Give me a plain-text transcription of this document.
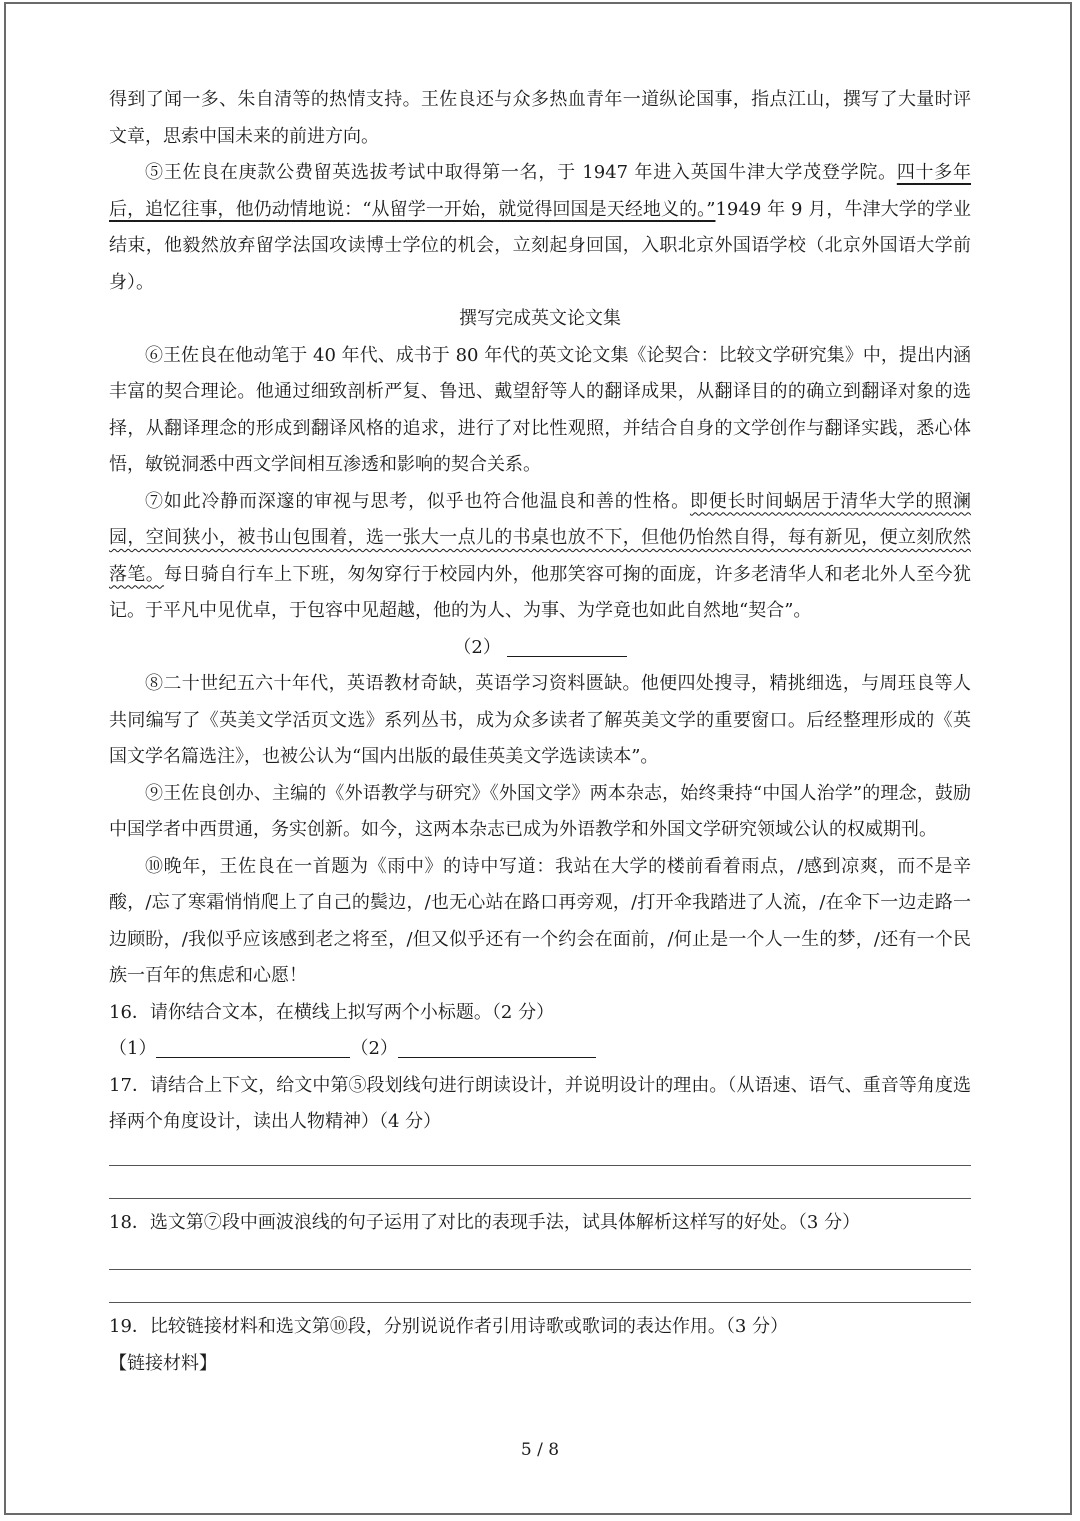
得到了闻一多、朱自清等的热情支持。王佐良还与众多热血青年一道纵论国事，指点江山，撰写了大量时评文章，思索中国未来的前进方向。

⑤王佐良在庚款公费留英选拔考试中取得第一名，于 1947 年进入英国牛津大学茂登学院。四十多年后，追忆往事，他仍动情地说：“从留学一开始，就觉得回国是天经地义的。”1949 年 9 月，牛津大学的学业结束，他毅然放弃留学法国攻读博士学位的机会，立刻起身回国，入职北京外国语学校（北京外国语大学前身）。

撰写完成英文论文集

⑥王佐良在他动笔于 40 年代、成书于 80 年代的英文论文集《论契合：比较文学研究集》中，提出内涵丰富的契合理论。他通过细致剖析严复、鲁迅、戴望舒等人的翻译成果，从翻译目的的确立到翻译对象的选择，从翻译理念的形成到翻译风格的追求，进行了对比性观照，并结合自身的文学创作与翻译实践，悉心体悟，敏锐洞悉中西文学间相互渗透和影响的契合关系。

⑦如此冷静而深邃的审视与思考，似乎也符合他温良和善的性格。即便长时间蜗居于清华大学的照澜园，空间狭小，被书山包围着，选一张大一点儿的书桌也放不下，但他仍怡然自得，每有新见，便立刻欣然落笔。每日骑自行车上下班，匆匆穿行于校园内外，他那笑容可掬的面庞，许多老清华人和老北外人至今犹记。于平凡中见优卓，于包容中见超越，他的为人、为事、为学竟也如此自然地“契合”。

（2）

⑧二十世纪五六十年代，英语教材奇缺，英语学习资料匮缺。他便四处搜寻，精挑细选，与周珏良等人共同编写了《英美文学活页文选》系列丛书，成为众多读者了解英美文学的重要窗口。后经整理形成的《英国文学名篇选注》，也被公认为“国内出版的最佳英美文学选读读本”。

⑨王佐良创办、主编的《外语教学与研究》《外国文学》两本杂志，始终秉持“中国人治学”的理念，鼓励中国学者中西贯通，务实创新。如今，这两本杂志已成为外语教学和外国文学研究领域公认的权威期刊。

⑩晚年，王佐良在一首题为《雨中》的诗中写道：我站在大学的楼前看着雨点，/感到凉爽，而不是辛酸，/忘了寒霜悄悄爬上了自己的鬓边，/也无心站在路口再旁观，/打开伞我踏进了人流，/在伞下一边走路一边顾盼，/我似乎应该感到老之将至，/但又似乎还有一个约会在面前，/何止是一个人一生的梦，/还有一个民族一百年的焦虑和心愿！

16．请你结合文本，在横线上拟写两个小标题。（2 分）

（1）	（2）

17．请结合上下文，给文中第⑤段划线句进行朗读设计，并说明设计的理由。（从语速、语气、重音等角度选择两个角度设计，读出人物精神）（4 分）

18．选文第⑦段中画波浪线的句子运用了对比的表现手法，试具体解析这样写的好处。（3 分）

19．比较链接材料和选文第⑩段，分别说说作者引用诗歌或歌词的表达作用。（3 分）

【链接材料】

5 / 8
